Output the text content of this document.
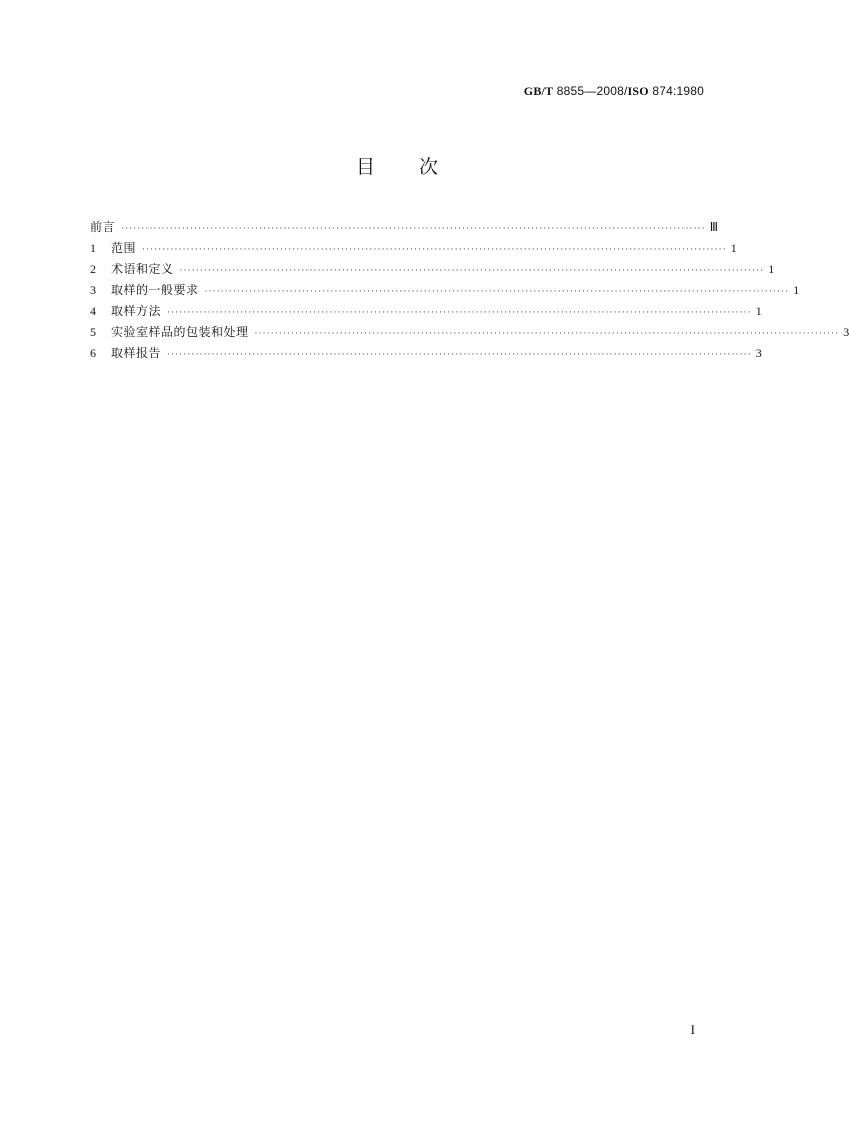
GB/T 8855—2008/ISO 874:1980
目次
前言 ················································································································································ Ⅲ
1	范围 ················································································································································ 1
2	术语和定义 ················································································································································ 1
3	取样的一般要求 ················································································································································ 1
4	取样方法 ················································································································································ 1
5	实验室样品的包装和处理 ················································································································································ 3
6	取样报告 ················································································································································ 3
I
